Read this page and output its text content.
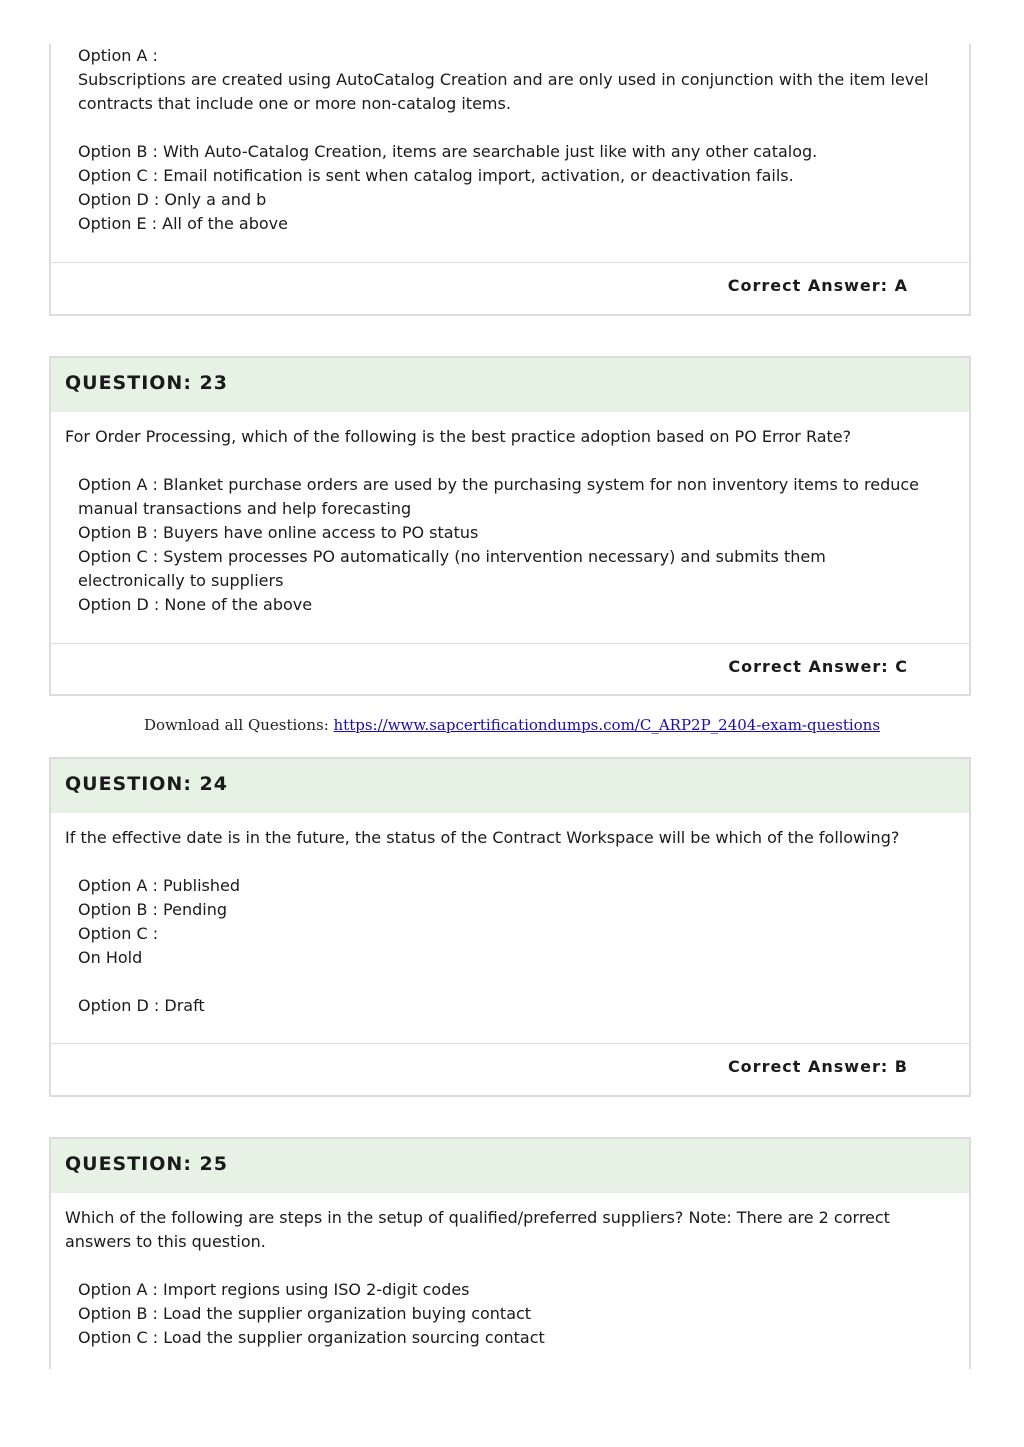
Option A :
Subscriptions are created using AutoCatalog Creation and are only used in conjunction with the item level contracts that include one or more non-catalog items.
Option B : With Auto-Catalog Creation, items are searchable just like with any other catalog.
Option C : Email notification is sent when catalog import, activation, or deactivation fails.
Option D : Only a and b
Option E : All of the above
Correct Answer: A
QUESTION: 23
For Order Processing, which of the following is the best practice adoption based on PO Error Rate?
Option A : Blanket purchase orders are used by the purchasing system for non inventory items to reduce manual transactions and help forecasting
Option B : Buyers have online access to PO status
Option C : System processes PO automatically (no intervention necessary) and submits them electronically to suppliers
Option D : None of the above
Correct Answer: C
Download all Questions: https://www.sapcertificationdumps.com/C_ARP2P_2404-exam-questions
QUESTION: 24
If the effective date is in the future, the status of the Contract Workspace will be which of the following?
Option A : Published
Option B : Pending
Option C :
On Hold
Option D : Draft
Correct Answer: B
QUESTION: 25
Which of the following are steps in the setup of qualified/preferred suppliers? Note: There are 2 correct answers to this question.
Option A : Import regions using ISO 2-digit codes
Option B : Load the supplier organization buying contact
Option C : Load the supplier organization sourcing contact
